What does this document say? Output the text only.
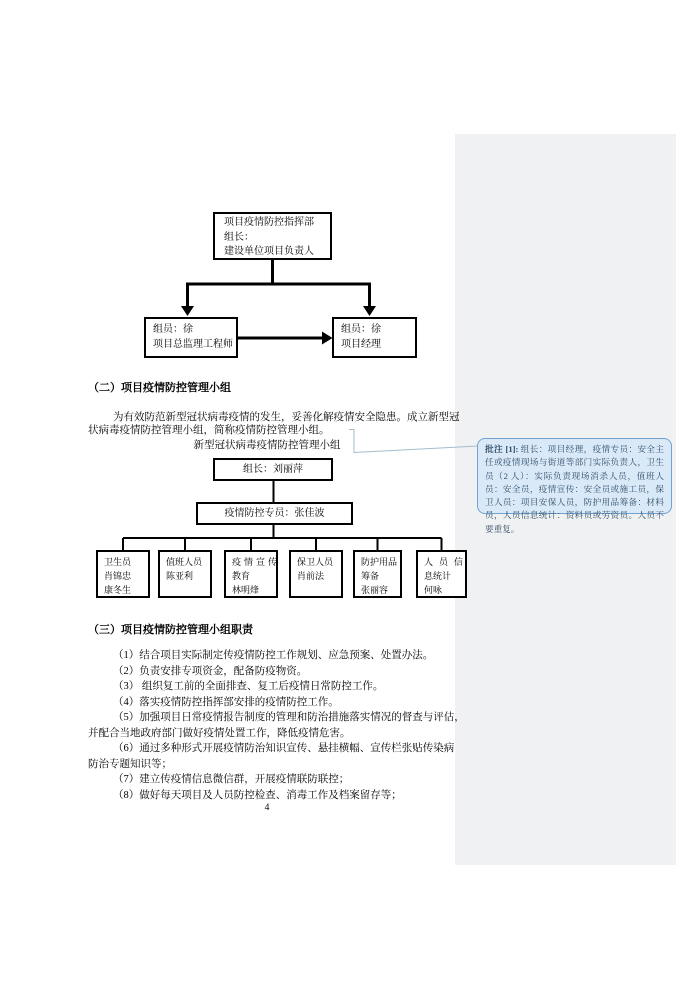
项目疫情防控指挥部
组长：
建设单位项目负责人
组员：徐
项目总监理工程师
组员：徐
项目经理
（二）项目疫情防控管理小组
为有效防范新型冠状病毒疫情的发生，妥善化解疫情安全隐患。成立新型冠
状病毒疫情防控管理小组，简称疫情防控管理小组。
新型冠状病毒疫情防控管理小组
组长：刘丽萍
疫情防控专员：张佳波
卫生员
肖锦忠
康冬生
值班人员
陈亚利
疫情宣传
教育
林明烽
保卫人员
肖前法
防护用品
筹备
张丽容
人员信
息统计
何咏
批注 [1]: 组长：项目经理，疫情专员：安全主任或疫情现场与街道等部门实际负责人，卫生员（2 人）：实际负责现场消杀人员，值班人员：安全员，疫情宣传：安全员或施工员，保卫人员：项目安保人员，防护用品筹备：材料员，人员信息统计：资料员或劳资员。人员不要重复。
（三）项目疫情防控管理小组职责
（1）结合项目实际制定传疫情防控工作规划、应急预案、处置办法。
（2）负责安排专项资金，配备防疫物资。
（3） 组织复工前的全面排查、复工后疫情日常防控工作。
（4）落实疫情防控指挥部安排的疫情防控工作。
（5）加强项目日常疫情报告制度的管理和防治措施落实情况的督查与评估，
并配合当地政府部门做好疫情处置工作，降低疫情危害。
（6）通过多种形式开展疫情防治知识宣传、悬挂横幅、宣传栏张贴传染病
防治专题知识等；
（7）建立传疫情信息微信群，开展疫情联防联控；
（8）做好每天项目及人员防控检查、消毒工作及档案留存等；
4
